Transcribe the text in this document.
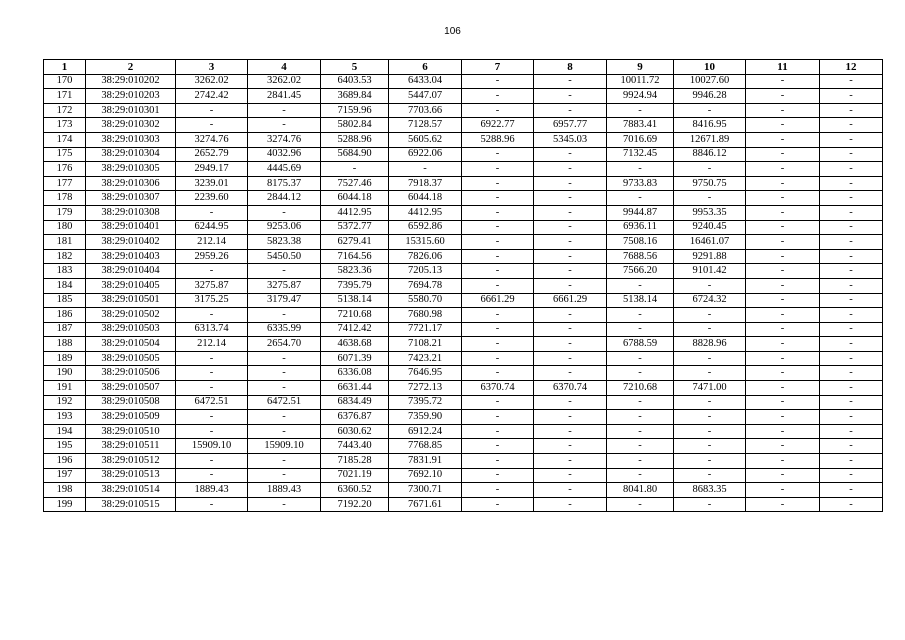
106
1	2	3	4	5	6	7	8	9	10	11	12
170	38:29:010202	3262.02	3262.02	6403.53	6433.04	-	-	10011.72	10027.60	-	-
171	38:29:010203	2742.42	2841.45	3689.84	5447.07	-	-	9924.94	9946.28	-	-
172	38:29:010301	-	-	7159.96	7703.66	-	-	-	-	-	-
173	38:29:010302	-	-	5802.84	7128.57	6922.77	6957.77	7883.41	8416.95	-	-
174	38:29:010303	3274.76	3274.76	5288.96	5605.62	5288.96	5345.03	7016.69	12671.89	-	-
175	38:29:010304	2652.79	4032.96	5684.90	6922.06	-	-	7132.45	8846.12	-	-
176	38:29:010305	2949.17	4445.69	-	-	-	-	-	-	-	-
177	38:29:010306	3239.01	8175.37	7527.46	7918.37	-	-	9733.83	9750.75	-	-
178	38:29:010307	2239.60	2844.12	6044.18	6044.18	-	-	-	-	-	-
179	38:29:010308	-	-	4412.95	4412.95	-	-	9944.87	9953.35	-	-
180	38:29:010401	6244.95	9253.06	5372.77	6592.86	-	-	6936.11	9240.45	-	-
181	38:29:010402	212.14	5823.38	6279.41	15315.60	-	-	7508.16	16461.07	-	-
182	38:29:010403	2959.26	5450.50	7164.56	7826.06	-	-	7688.56	9291.88	-	-
183	38:29:010404	-	-	5823.36	7205.13	-	-	7566.20	9101.42	-	-
184	38:29:010405	3275.87	3275.87	7395.79	7694.78	-	-	-	-	-	-
185	38:29:010501	3175.25	3179.47	5138.14	5580.70	6661.29	6661.29	5138.14	6724.32	-	-
186	38:29:010502	-	-	7210.68	7680.98	-	-	-	-	-	-
187	38:29:010503	6313.74	6335.99	7412.42	7721.17	-	-	-	-	-	-
188	38:29:010504	212.14	2654.70	4638.68	7108.21	-	-	6788.59	8828.96	-	-
189	38:29:010505	-	-	6071.39	7423.21	-	-	-	-	-	-
190	38:29:010506	-	-	6336.08	7646.95	-	-	-	-	-	-
191	38:29:010507	-	-	6631.44	7272.13	6370.74	6370.74	7210.68	7471.00	-	-
192	38:29:010508	6472.51	6472.51	6834.49	7395.72	-	-	-	-	-	-
193	38:29:010509	-	-	6376.87	7359.90	-	-	-	-	-	-
194	38:29:010510	-	-	6030.62	6912.24	-	-	-	-	-	-
195	38:29:010511	15909.10	15909.10	7443.40	7768.85	-	-	-	-	-	-
196	38:29:010512	-	-	7185.28	7831.91	-	-	-	-	-	-
197	38:29:010513	-	-	7021.19	7692.10	-	-	-	-	-	-
198	38:29:010514	1889.43	1889.43	6360.52	7300.71	-	-	8041.80	8683.35	-	-
199	38:29:010515	-	-	7192.20	7671.61	-	-	-	-	-	-
